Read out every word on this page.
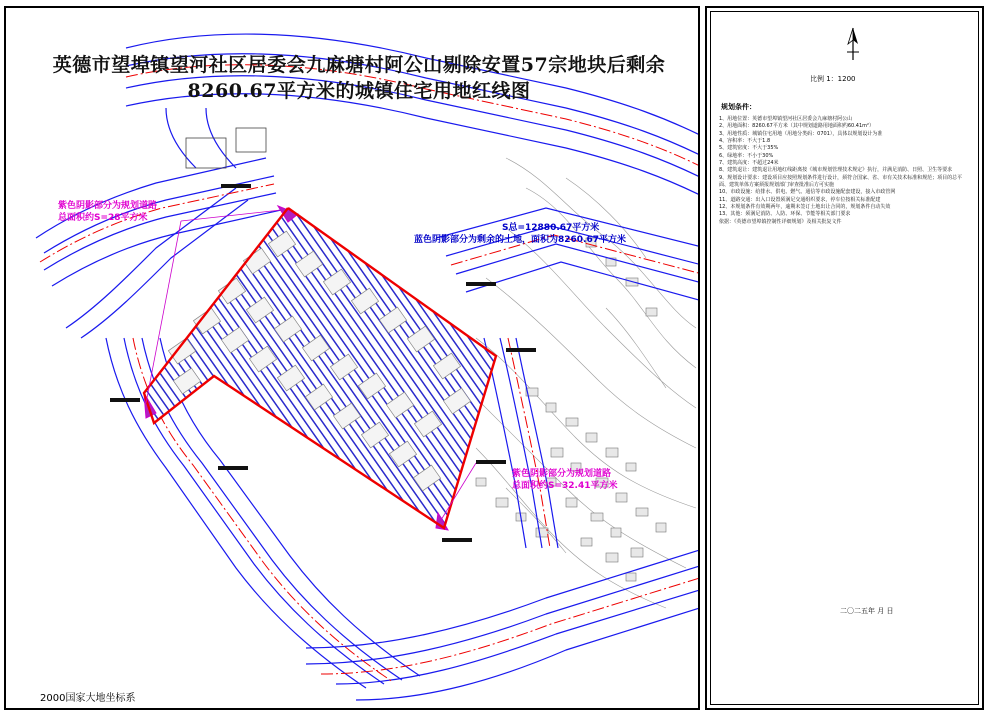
英德市望埠镇望河社区居委会九麻塘村阿公山剔除安置57宗地块后剩余8260.67平方米的城镇住宅用地红线图
紫色阴影部分为规划道路
总面积约S=28平方米
S总=12880.67平方米
蓝色阴影部分为剩余的土地，面积为8260.67平方米
紫色阴影部分为规划道路
总面积约S=32.41平方米
2000国家大地坐标系
比例 1：1200
规划条件：

1、用地位置：英德市望埠镇望河社区居委会九麻塘村阿公山

2、用地面积：8260.67平方米（其中规划道路用地面积约60.41m²）

3、用地性质：城镇住宅用地（用地分类码：0701），具体以规划设计为准

4、容积率：不大于1.8

5、建筑密度：不大于35%

6、绿地率：不小于30%

7、建筑高度：不超过24米

8、建筑退让：建筑退让用地红线距离按《城市规划管理技术规定》执行，并满足消防、日照、卫生等要求

9、规划设计要求：建设项目应按照规划条件进行设计，须符合国家、省、市有关技术标准和规范；项目的总平面、建筑单体方案须报规划部门审查批准后方可实施

10、市政设施：给排水、供电、燃气、通信等市政设施配套建设，接入市政管网

11、道路交通：出入口设置须满足交通组织要求，停车位按相关标准配建

12、本规划条件有效期两年，逾期未签订土地出让合同的，规划条件自动失效

13、其他：须满足消防、人防、环保、节能等相关部门要求

依据：《英德市望埠镇控制性详细规划》及相关批复文件

二〇二五年 月 日
